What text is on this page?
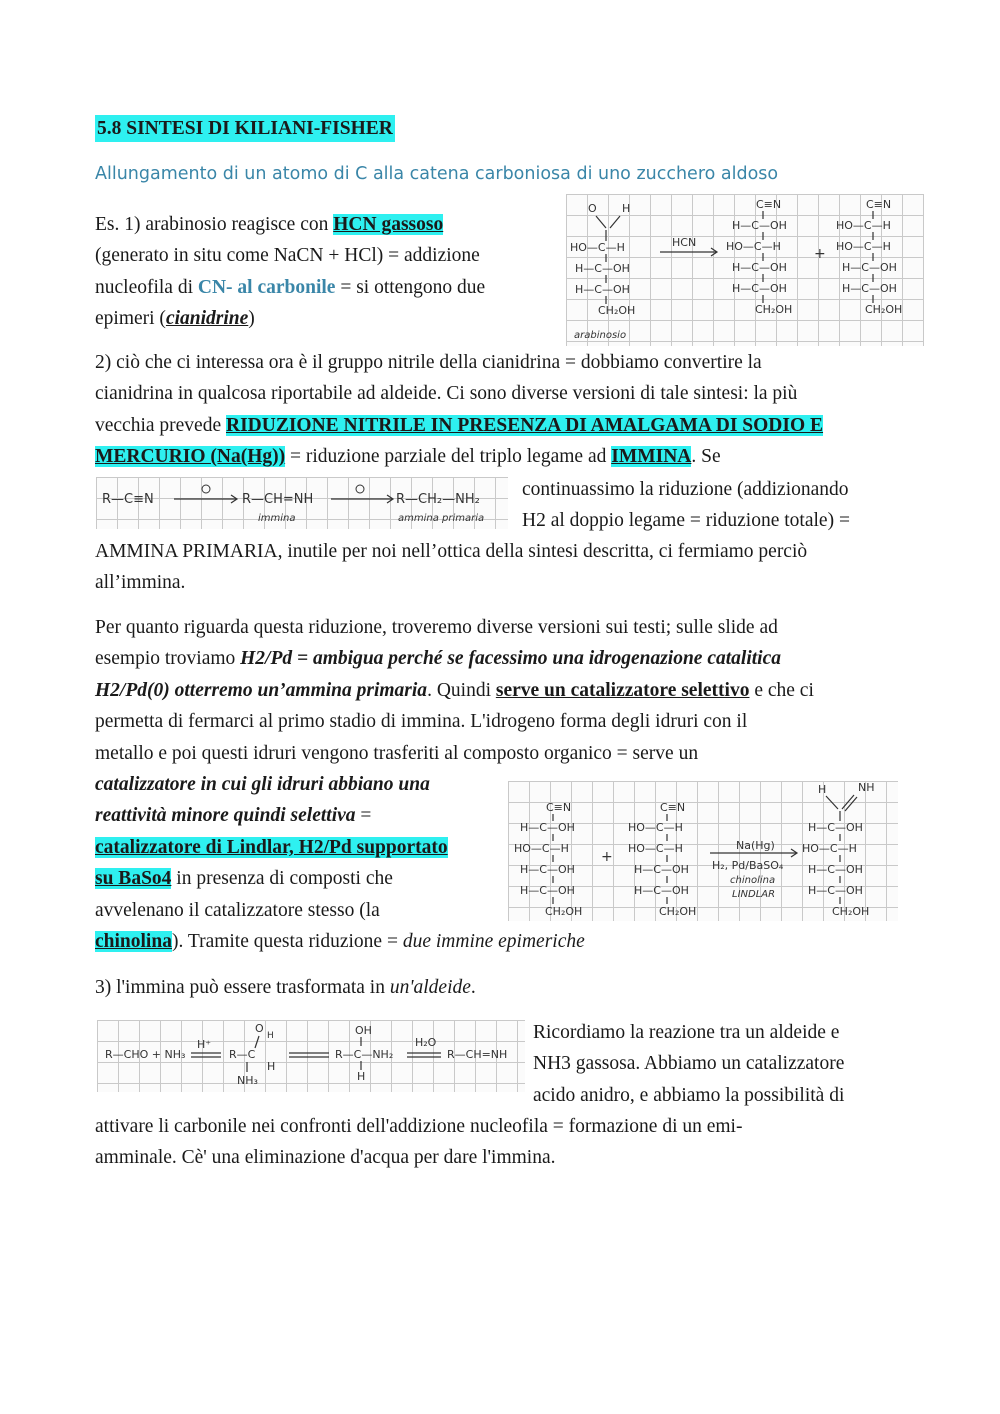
5.8 SINTESI DI KILIANI-FISHER
Allungamento di un atomo di C alla catena carboniosa di uno zucchero aldoso
Es. 1) arabinosio reagisce con HCN gassoso
(generato in situ come NaCN + HCl) = addizione
nucleofila di CN- al carbonile = si ottengono due
epimeri (cianidrine)
O H
HO—C—H
H—C—OH
H—C—OH
CH₂OH
arabinosio
HCN
C≡N
H—C—OH
HO—C—H
H—C—OH
H—C—OH
CH₂OH
+
C≡N
HO—C—H
HO—C—H
H—C—OH
H—C—OH
CH₂OH
2) ciò che ci interessa ora è il gruppo nitrile della cianidrina = dobbiamo convertire la
cianidrina in qualcosa riportabile ad aldeide. Ci sono diverse versioni di tale sintesi: la più
vecchia prevede RIDUZIONE NITRILE IN PRESENZA DI AMALGAMA DI SODIO E
MERCURIO (Na(Hg)) = riduzione parziale del triplo legame ad IMMINA. Se
R—C≡N	R—CH=NH
immina
R—CH₂—NH₂
ammina primaria
continuassimo la riduzione (addizionando
H2 al doppio legame = riduzione totale) =
AMMINA PRIMARIA, inutile per noi nell’ottica della sintesi descritta, ci fermiamo perciò
all’immina.
Per quanto riguarda questa riduzione, troveremo diverse versioni sui testi; sulle slide ad
esempio troviamo H2/Pd = ambigua perché se facessimo una idrogenazione catalitica
H2/Pd(0) otterremo un’ammina primaria. Quindi serve un catalizzatore selettivo e che ci
permetta di fermarci al primo stadio di immina. L'idrogeno forma degli idruri con il
metallo e poi questi idruri vengono trasferiti al composto organico = serve un
catalizzatore in cui gli idruri abbiano una
reattività minore quindi selettiva =
catalizzatore di Lindlar, H2/Pd supportato
su BaSo4 in presenza di composti che
avvelenano il catalizzatore stesso (la
chinolina). Tramite questa riduzione = due immine epimeriche
C≡N
H—C—OH
HO—C—H
H—C—OH
H—C—OH
CH₂OH
+
C≡N
HO—C—H
HO—C—H
H—C—OH
H—C—OH
CH₂OH
Na(Hg)
H₂, Pd/BaSO₄
chinolina
LINDLAR
H	NH
H—C—OH
HO—C—H
H—C—OH
H—C—OH
CH₂OH
3) l'immina può essere trasformata in un'aldeide.
R—CHO + NH₃
H⁺
R—C
O
H
H
NH₃
OH
R—C—NH₂
H
H₂O
R—CH=NH
Ricordiamo la reazione tra un aldeide e
NH3 gassosa. Abbiamo un catalizzatore
acido anidro, e abbiamo la possibilità di
attivare li carbonile nei confronti dell'addizione nucleofila = formazione di un emi-
amminale. Cè' una eliminazione d'acqua per dare l'immina.
